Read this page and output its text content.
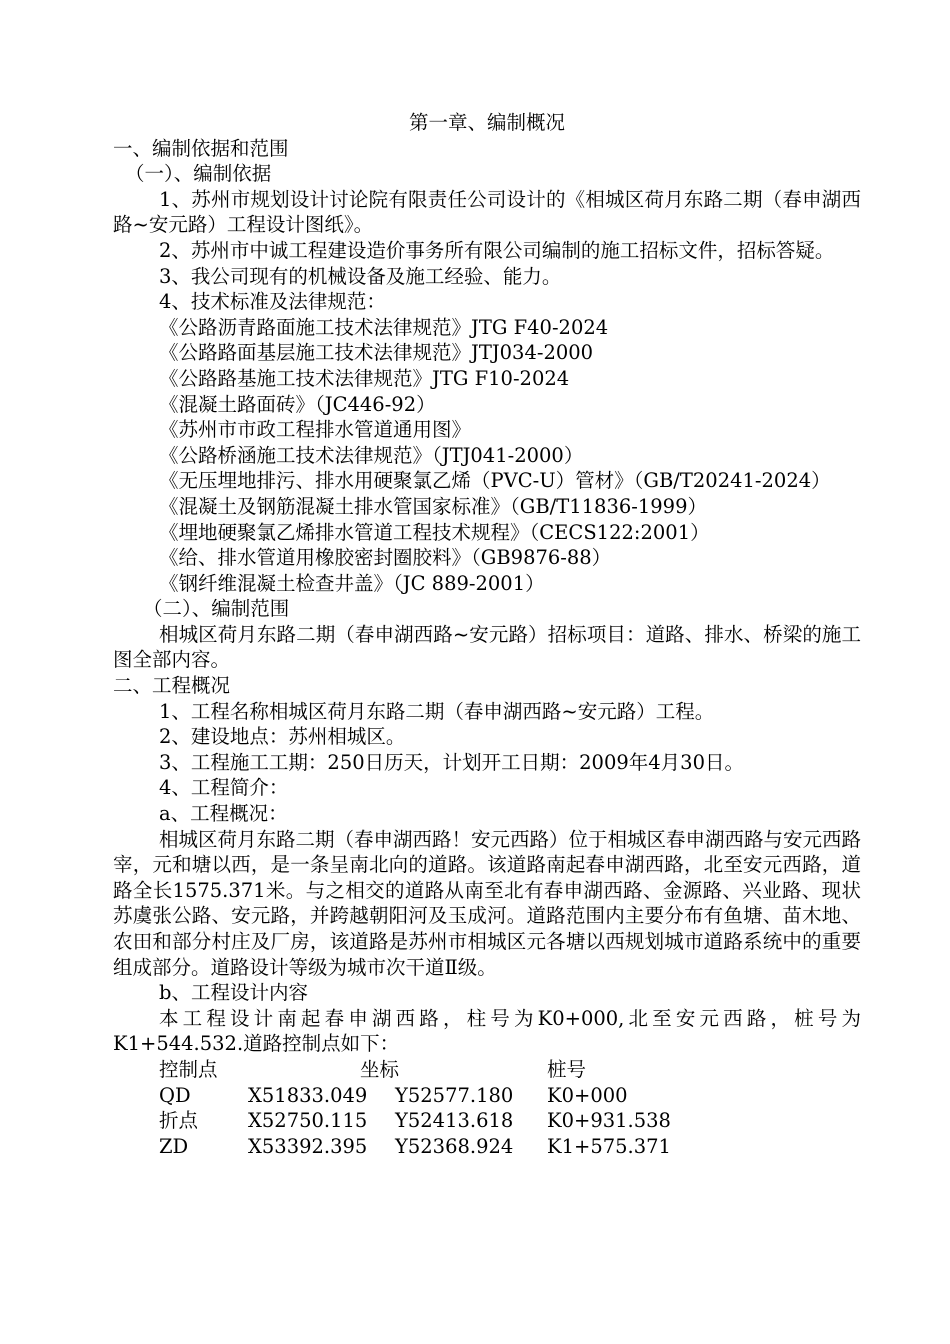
第一章、编制概况
一、编制依据和范围
（一）、编制依据
1、苏州市规划设计讨论院有限责任公司设计的《相城区荷月东路二期（春申湖西路~安元路）工程设计图纸》。
2、苏州市中诚工程建设造价事务所有限公司编制的施工招标文件，招标答疑。
3、我公司现有的机械设备及施工经验、能力。
4、技术标准及法律规范：
《公路沥青路面施工技术法律规范》JTG F40-2024
《公路路面基层施工技术法律规范》JTJ034-2000
《公路路基施工技术法律规范》JTG F10-2024
《混凝土路面砖》（JC446-92）
《苏州市市政工程排水管道通用图》
《公路桥涵施工技术法律规范》（JTJ041-2000）
《无压埋地排污、排水用硬聚氯乙烯（PVC-U）管材》（GB/T20241-2024）
《混凝土及钢筋混凝土排水管国家标准》（GB/T11836-1999）
《埋地硬聚氯乙烯排水管道工程技术规程》（CECS122:2001）
《给、排水管道用橡胶密封圈胶料》（GB9876-88）
《钢纤维混凝土检查井盖》（JC 889-2001）
（二）、编制范围
相城区荷月东路二期（春申湖西路~安元路）招标项目：道路、排水、桥梁的施工图全部内容。
二、工程概况
1、工程名称相城区荷月东路二期（春申湖西路~安元路）工程。
2、建设地点：苏州相城区。
3、工程施工工期：250日历天，计划开工日期：2009年4月30日。
4、工程简介：
a、工程概况：
相城区荷月东路二期（春申湖西路！安元西路）位于相城区春申湖西路与安元西路宰，元和塘以西，是一条呈南北向的道路。该道路南起春申湖西路，北至安元西路，道路全长1575.371米。与之相交的道路从南至北有春申湖西路、金源路、兴业路、现状苏虞张公路、安元路，并跨越朝阳河及玉成河。道路范围内主要分布有鱼塘、苗木地、农田和部分村庄及厂房，该道路是苏州市相城区元各塘以西规划城市道路系统中的重要组成部分。道路设计等级为城市次干道Ⅱ级。
b、工程设计内容
本工程设计南起春申湖西路，柱号为K0+000,北至安元西路，桩号为K1+544.532.道路控制点如下：
控制点	坐标	桩号
QD	X51833.049	Y52577.180	K0+000
折点	X52750.115	Y52413.618	K0+931.538
ZD	X53392.395	Y52368.924	K1+575.371
